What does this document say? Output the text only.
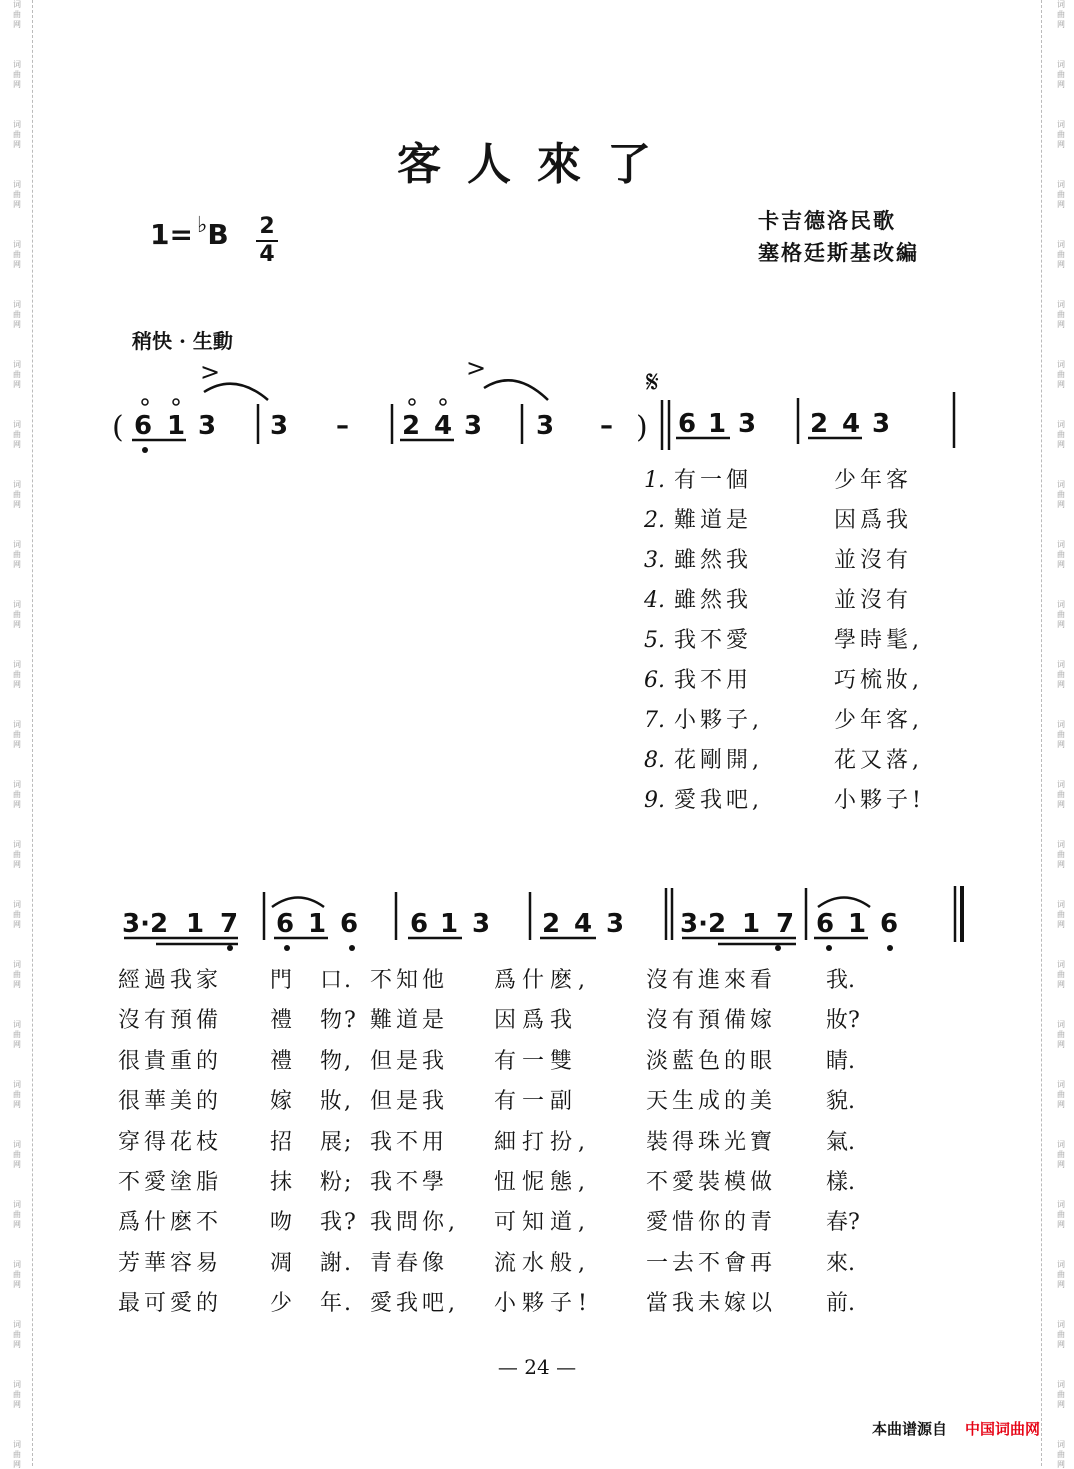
词
曲
网
词
曲
网
词
曲
网
词
曲
网
词
曲
网
词
曲
网
词
曲
网
词
曲
网
词
曲
网
词
曲
网
词
曲
网
词
曲
网
词
曲
网
词
曲
网
词
曲
网
词
曲
网
词
曲
网
词
曲
网
词
曲
网
词
曲
网
词
曲
网
词
曲
网
词
曲
网
词
曲
网
词
曲
网
词
曲
网
词
曲
网
词
曲
网
词
曲
网
词
曲
网
词
曲
网
词
曲
网
词
曲
网
词
曲
网
词
曲
网
词
曲
网
词
曲
网
词
曲
网
词
曲
网
词
曲
网
词
曲
网
词
曲
网
词
曲
网
词
曲
网
词
曲
网
词
曲
网
词
曲
网
词
曲
网
词
曲
网
词
曲
网
客人來了
卡吉德洛民歌
塞格廷斯基改編
$1= ^♭B \frac{2}{4}$
稍快 · 生動
( 6 1 3 3 – 2 4 3 3 –
>	>
)
𝄋
6 1 3 2 4 3
3·2 1 7 6 1 6 6 1 3 2 4 3 3·2 1 7 6 1 6
1. 有一個	少年客
2. 難道是	因爲我
3. 雖然我	並沒有
4. 雖然我	並沒有
5. 我不愛	學時髦,
6. 我不用	巧梳妝,
7. 小夥子,	少年客,
8. 花剛開,	花又落,
9. 愛我吧,	小夥子!
經過我家 門 口. 不知他 爲什麽,	沒有進來看 我.
沒有預備 禮 物? 難道是 因爲我	沒有預備嫁 妝?
很貴重的 禮 物, 但是我 有一雙	淡藍色的眼 睛.
很華美的 嫁 妝, 但是我 有一副	天生成的美 貌.
穿得花枝 招 展; 我不用 細打扮,	裝得珠光寶 氣.
不愛塗脂 抹 粉; 我不學 忸怩態,	不愛裝模做 樣.
爲什麽不 吻 我? 我問你, 可知道,	愛惜你的青 春?
芳華容易 凋 謝. 青春像 流水般,	一去不會再 來.
最可愛的 少 年. 愛我吧, 小夥子! 當我未嫁以 前.
— 24 —
本曲谱源自 中国词曲网
